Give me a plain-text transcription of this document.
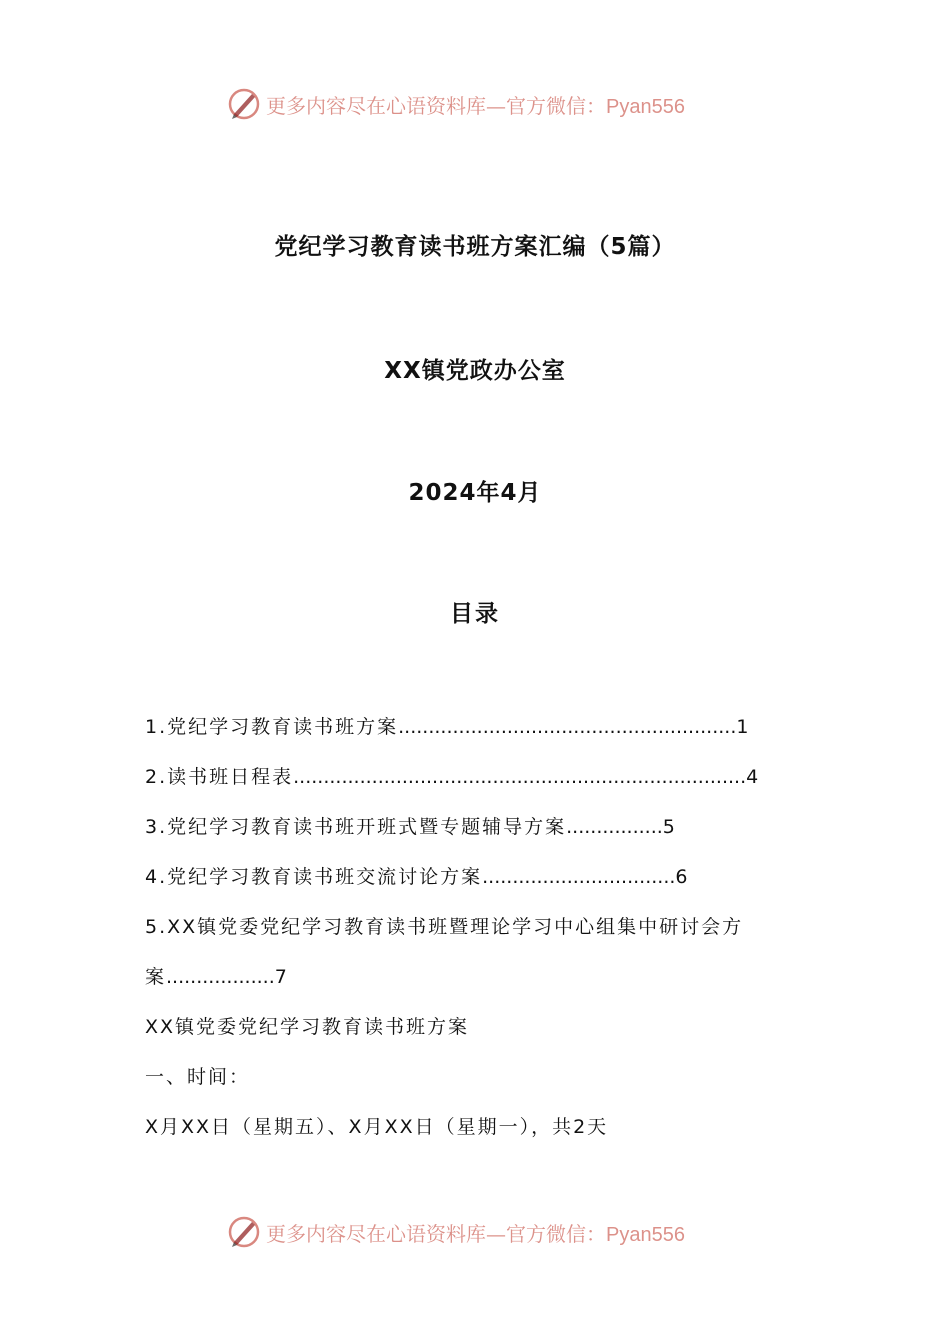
更多内容尽在心语资料库—官方微信：Pyan556
党纪学习教育读书班方案汇编（5篇）
XX镇党政办公室
2024年4月
目录
1.党纪学习教育读书班方案........................................................1
2.读书班日程表...........................................................................4
3.党纪学习教育读书班开班式暨专题辅导方案................5
4.党纪学习教育读书班交流讨论方案................................6
5.XX镇党委党纪学习教育读书班暨理论学习中心组集中研讨会方案..................7
XX镇党委党纪学习教育读书班方案
一、时间：
X月XX日（星期五）、X月XX日（星期一），共2天
更多内容尽在心语资料库—官方微信：Pyan556
